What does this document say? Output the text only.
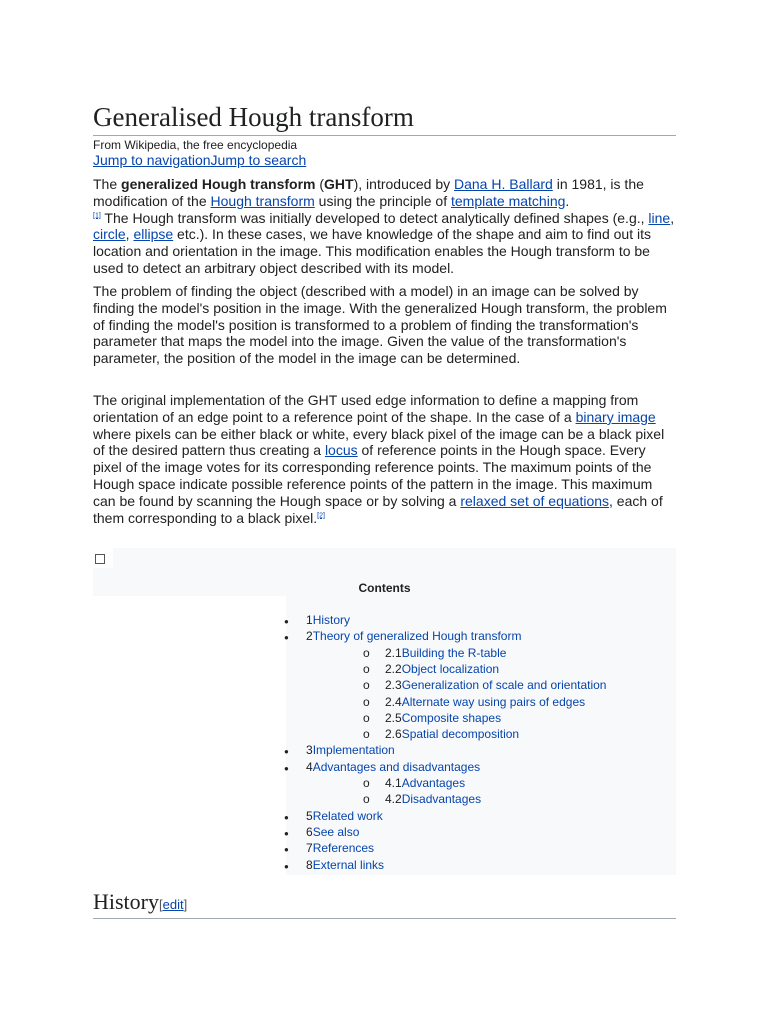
Generalised Hough transform
From Wikipedia, the free encyclopedia
Jump to navigationJump to search

The generalized Hough transform (GHT), introduced by Dana H. Ballard in 1981, is the modification of the Hough transform using the principle of template matching.
[1] The Hough transform was initially developed to detect analytically defined shapes (e.g., line, circle, ellipse etc.). In these cases, we have knowledge of the shape and aim to find out its location and orientation in the image. This modification enables the Hough transform to be used to detect an arbitrary object described with its model.

The problem of finding the object (described with a model) in an image can be solved by finding the model's position in the image. With the generalized Hough transform, the problem of finding the model's position is transformed to a problem of finding the transformation's parameter that maps the model into the image. Given the value of the transformation's parameter, the position of the model in the image can be determined.

The original implementation of the GHT used edge information to define a mapping from orientation of an edge point to a reference point of the shape. In the case of a binary image where pixels can be either black or white, every black pixel of the image can be a black pixel of the desired pattern thus creating a locus of reference points in the Hough space. Every pixel of the image votes for its corresponding reference points. The maximum points of the Hough space indicate possible reference points of the pattern in the image. This maximum can be found by scanning the Hough space or by solving a relaxed set of equations, each of them corresponding to a black pixel.[2]

Contents
● 1History
● 2Theory of generalized Hough transform
o 2.1Building the R-table
o 2.2Object localization
o 2.3Generalization of scale and orientation
o 2.4Alternate way using pairs of edges
o 2.5Composite shapes
o 2.6Spatial decomposition
● 3Implementation
● 4Advantages and disadvantages
o 4.1Advantages
o 4.2Disadvantages
● 5Related work
● 6See also
● 7References
● 8External links
History[edit]
